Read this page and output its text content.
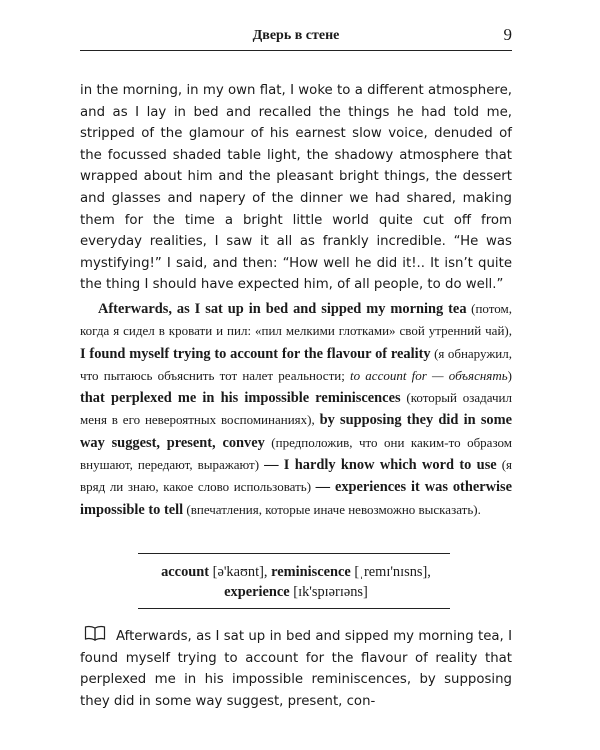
Дверь в стене	9

in the morning, in my own flat, I woke to a different atmosphere, and as I lay in bed and recalled the things he had told me, stripped of the glamour of his earnest slow voice, denuded of the focussed shaded table light, the shadowy atmosphere that wrapped about him and the pleasant bright things, the dessert and glasses and napery of the dinner we had shared, making them for the time a bright little world quite cut off from everyday realities, I saw it all as frankly incredible. “He was mystifying!” I said, and then: “How well he did it!.. It isn’t quite the thing I should have expected him, of all people, to do well.”

Afterwards, as I sat up in bed and sipped my morning tea (потом, когда я сидел в кровати и пил: «пил мелкими глотками» свой утренний чай), I found myself trying to account for the flavour of reality (я обнаружил, что пытаюсь объяснить тот налет реальности; to account for — объяснять) that perplexed me in his impossible reminiscences (который озадачил меня в его невероятных воспоминаниях), by supposing they did in some way suggest, present, convey (предположив, что они каким-то образом внушают, передают, выражают) — I hardly know which word to use (я вряд ли знаю, какое слово использовать) — experiences it was otherwise impossible to tell (впечатления, которые иначе невозможно высказать).

account [ə'kaʊnt], reminiscence [ˌremɪ'nɪsns],
experience [ɪk'spɪərɪəns]

Afterwards, as I sat up in bed and sipped my morning tea, I found myself trying to account for the flavour of reality that perplexed me in his impossible reminiscences, by supposing they did in some way suggest, present, con-
